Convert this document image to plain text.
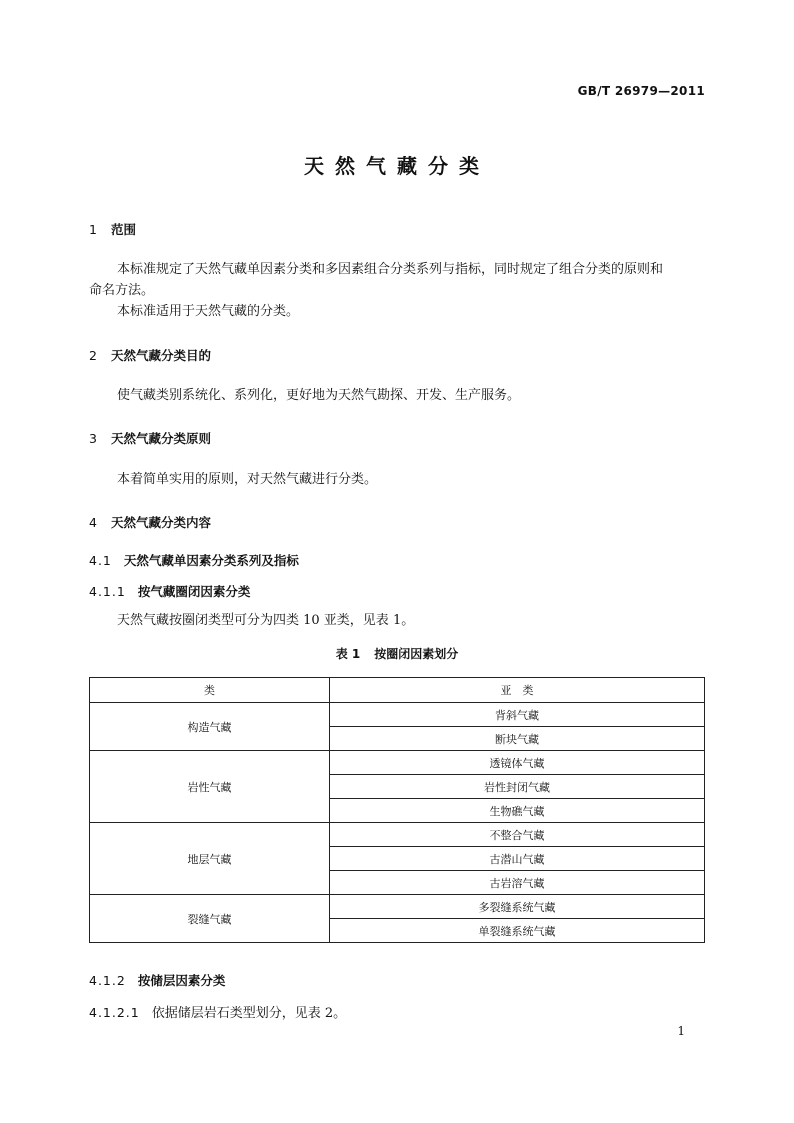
GB/T 26979—2011
天然气藏分类
1 范围
本标准规定了天然气藏单因素分类和多因素组合分类系列与指标，同时规定了组合分类的原则和
命名方法。
本标准适用于天然气藏的分类。
2 天然气藏分类目的
使气藏类别系统化、系列化，更好地为天然气勘探、开发、生产服务。
3 天然气藏分类原则
本着简单实用的原则，对天然气藏进行分类。
4 天然气藏分类内容
4.1 天然气藏单因素分类系列及指标
4.1.1 按气藏圈闭因素分类
天然气藏按圈闭类型可分为四类 10 亚类，见表 1。
表 1 按圈闭因素划分
类	亚　类
构造气藏	背斜气藏
	断块气藏
岩性气藏	透镜体气藏
	岩性封闭气藏
	生物礁气藏
地层气藏	不整合气藏
	古潜山气藏
	古岩溶气藏
裂缝气藏	多裂缝系统气藏
	单裂缝系统气藏
4.1.2 按储层因素分类
4.1.2.1 依据储层岩石类型划分，见表 2。
1
